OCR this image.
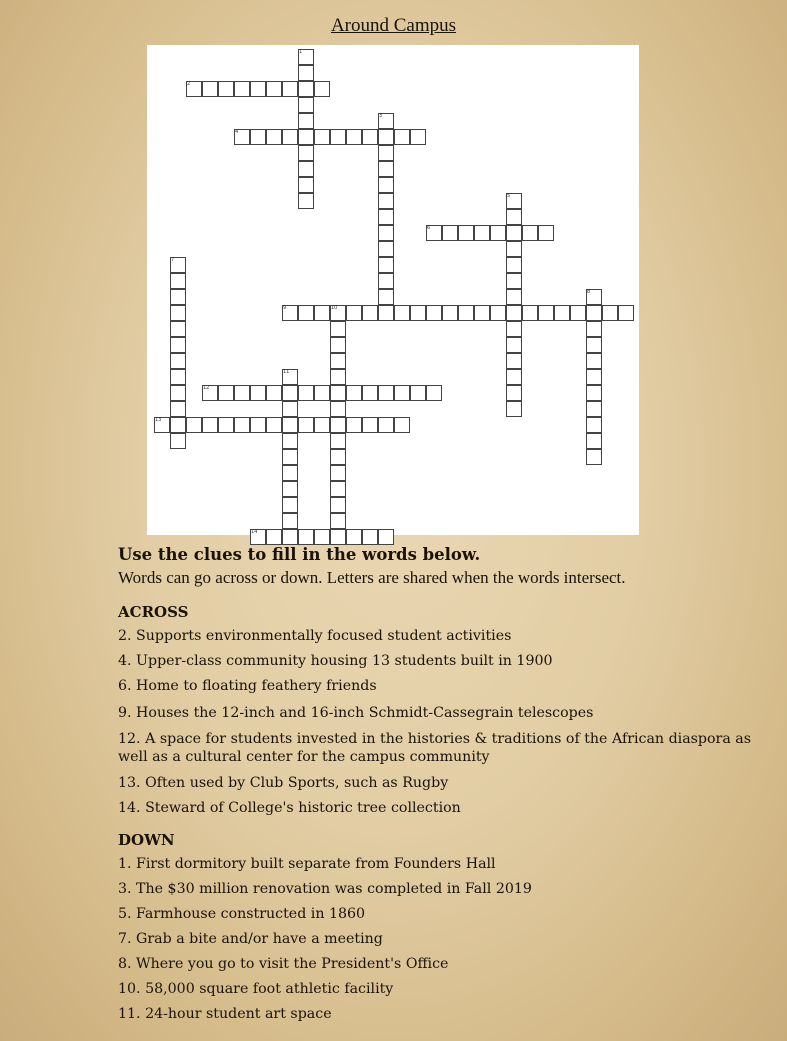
Around Campus
1
2
3
4
5
6
7
8
9	10
11
12
13
14

Use the clues to fill in the words below.

Words can go across or down. Letters are shared when the words intersect.

ACROSS

2. Supports environmentally focused student activities

4. Upper-class community housing 13 students built in 1900

6. Home to floating feathery friends

9. Houses the 12-inch and 16-inch Schmidt-Cassegrain telescopes

12. A space for students invested in the histories & traditions of the African diaspora as well as a cultural center for the campus community

13. Often used by Club Sports, such as Rugby

14. Steward of College's historic tree collection

DOWN

1. First dormitory built separate from Founders Hall

3. The $30 million renovation was completed in Fall 2019

5. Farmhouse constructed in 1860

7. Grab a bite and/or have a meeting

8. Where you go to visit the President's Office

10. 58,000 square foot athletic facility

11. 24-hour student art space
